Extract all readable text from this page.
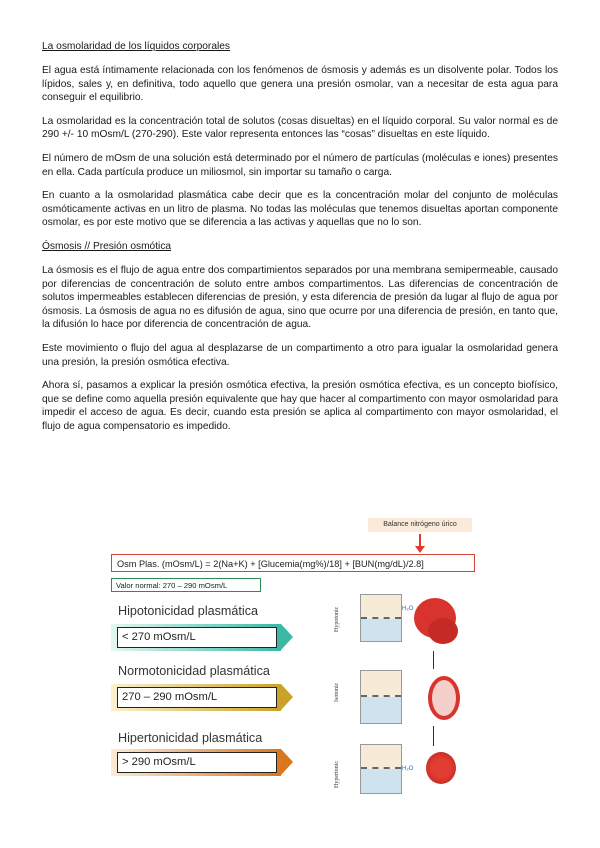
La osmolaridad de los líquidos corporales
El agua está íntimamente relacionada con los fenómenos de ósmosis y además es un disolvente polar. Todos los lípidos, sales y, en definitiva, todo aquello que genera una presión osmolar, van a necesitar de esta agua para conseguir el equilibrio.
La osmolaridad es la concentración total de solutos (cosas disueltas) en el líquido corporal. Su valor normal es de 290 +/- 10 mOsm/L (270-290). Este valor representa entonces las “cosas” disueltas en este líquido.
El número de mOsm de una solución está determinado por el número de partículas (moléculas e iones) presentes en ella. Cada partícula produce un miliosmol, sin importar su tamaño o carga.
En cuanto a la osmolaridad plasmática cabe decir que es la concentración molar del conjunto de moléculas osmóticamente activas en un litro de plasma. No todas las moléculas que tenemos disueltas aportan componente osmolar, es por este motivo que se diferencia a las activas y aquellas que no lo son.
Ósmosis // Presión osmótica
La ósmosis es el flujo de agua entre dos compartimientos separados por una membrana semipermeable, causado por diferencias de concentración de soluto entre ambos compartimentos. Las diferencias de concentración de solutos impermeables establecen diferencias de presión, y esta diferencia de presión da lugar al flujo de agua por ósmosis. La ósmosis de agua no es difusión de agua, sino que ocurre por una diferencia de presión, en tanto que, la difusión lo hace por diferencia de concentración de agua.
Este movimiento o flujo del agua al desplazarse de un compartimento a otro para igualar la osmolaridad genera una presión, la presión osmótica efectiva.
Ahora sí, pasamos a explicar la presión osmótica efectiva, la presión osmótica efectiva, es un concepto biofísico, que se define como aquella presión equivalente que hay que hacer al compartimento con mayor osmolaridad para impedir el acceso de agua. Es decir, cuando esta presión se aplica al compartimento con mayor osmolaridad, el flujo de agua compensatorio es impedido.
Balance nitrógeno úrico
Osm Plas. (mOsm/L) = 2(Na+K) + [Glucemia(mg%)/18] + [BUN(mg/dL)/2.8]
Valor normal: 270 – 290 mOsm/L
Hipotonicidad plasmática
< 270 mOsm/L
Normotonicidad plasmática
270 – 290 mOsm/L
Hipertonicidad plasmática
> 290 mOsm/L
Hypotonic	H₂O
Isotonic
Hypertonic	H₂O
